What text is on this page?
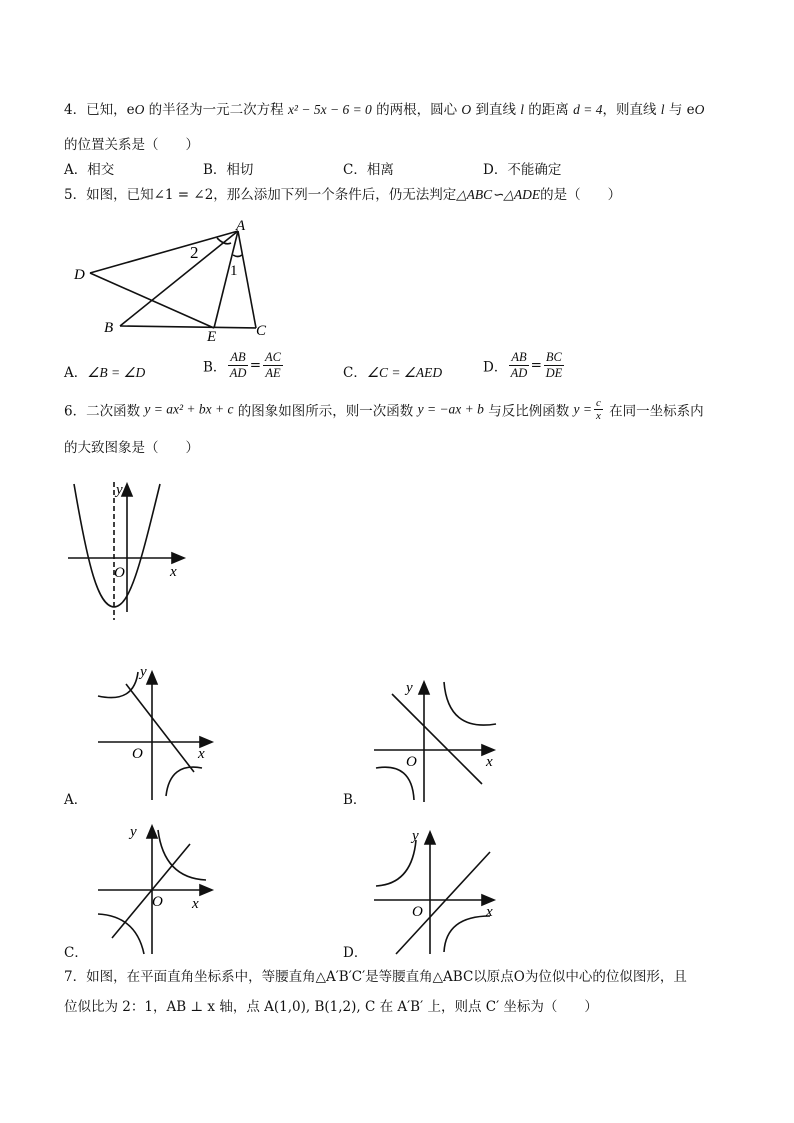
4．已知，eO 的半径为一元二次方程 x² − 5x − 6 = 0 的两根，圆心 O 到直线 l 的距离 d = 4，则直线 l 与 eO
的位置关系是（　　）
A．相交	B．相切	C．相离	D．不能确定
5．如图，已知∠1 = ∠2，那么添加下列一个条件后，仍无法判定△ABC∽△ADE的是（　　）
A
D
B
E	C
2
1
A．∠B = ∠D	B． $\frac{AB}{AD} = \frac{AC}{AE}$	C．∠C = ∠AED	D． $\frac{AB}{AD} = \frac{BC}{DE}$
6．二次函数 y = ax² + bx + c 的图象如图所示，则一次函数 y = −ax + b 与反比例函数 $y = \frac{c}{x}$ 在同一坐标系内
的大致图象是（　　）
y
x
O
y
x
O
A．
y
x
O
B．
y
x
O
C．
y
x
O
D．
7．如图，在平面直角坐标系中，等腰直角△A′B′C′是等腰直角△ABC以原点O为位似中心的位似图形，且
位似比为 2：1，AB ⊥ x 轴，点 A(1,0), B(1,2), C 在 A′B′ 上，则点 C′ 坐标为（　　）
